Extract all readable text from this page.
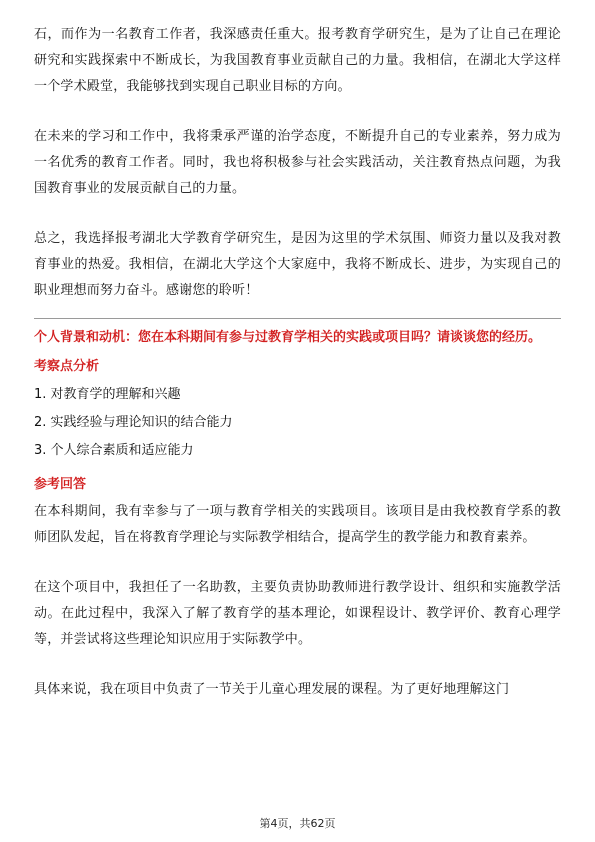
石，而作为一名教育工作者，我深感责任重大。报考教育学研究生，是为了让自己在理论研究和实践探索中不断成长，为我国教育事业贡献自己的力量。我相信，在湖北大学这样一个学术殿堂，我能够找到实现自己职业目标的方向。

在未来的学习和工作中，我将秉承严谨的治学态度，不断提升自己的专业素养，努力成为一名优秀的教育工作者。同时，我也将积极参与社会实践活动，关注教育热点问题，为我国教育事业的发展贡献自己的力量。

总之，我选择报考湖北大学教育学研究生，是因为这里的学术氛围、师资力量以及我对教育事业的热爱。我相信，在湖北大学这个大家庭中，我将不断成长、进步，为实现自己的职业理想而努力奋斗。感谢您的聆听！

个人背景和动机：您在本科期间有参与过教育学相关的实践或项目吗？请谈谈您的经历。

考察点分析

1. 对教育学的理解和兴趣

2. 实践经验与理论知识的结合能力

3. 个人综合素质和适应能力

参考回答

在本科期间，我有幸参与了一项与教育学相关的实践项目。该项目是由我校教育学系的教师团队发起，旨在将教育学理论与实际教学相结合，提高学生的教学能力和教育素养。

在这个项目中，我担任了一名助教，主要负责协助教师进行教学设计、组织和实施教学活动。在此过程中，我深入了解了教育学的基本理论，如课程设计、教学评价、教育心理学等，并尝试将这些理论知识应用于实际教学中。

具体来说，我在项目中负责了一节关于儿童心理发展的课程。为了更好地理解这门

第4页，共62页
